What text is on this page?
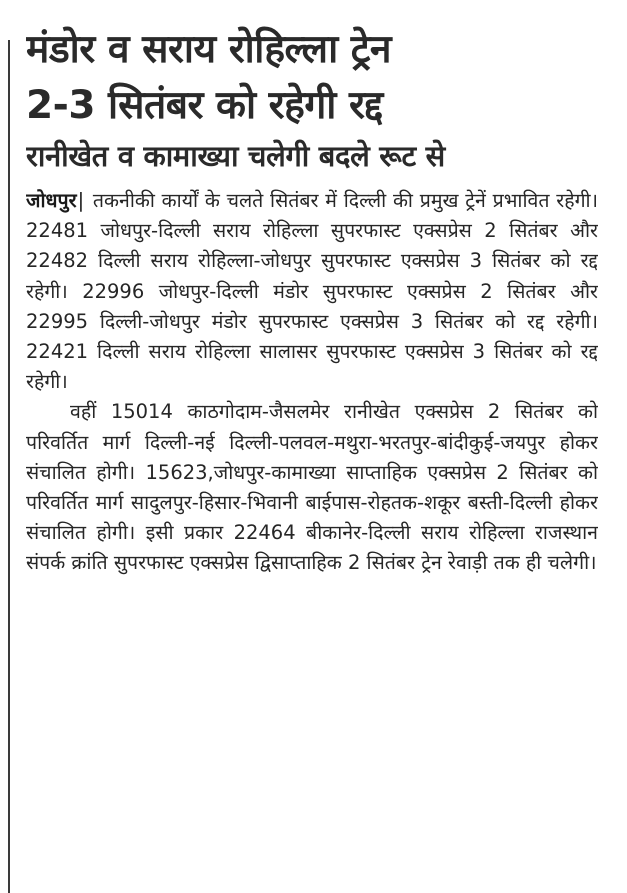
मंडोर व सराय रोहिल्ला ट्रेन
2-3 सितंबर को रहेगी रद्द
रानीखेत व कामाख्या चलेगी बदले रूट से

जोधपुर| तकनीकी कार्यों के चलते सितंबर में दिल्ली की प्रमुख ट्रेनें प्रभावित रहेगी। 22481 जोधपुर-दिल्ली सराय रोहिल्ला सुपरफास्ट एक्सप्रेस 2 सितंबर और 22482 दिल्ली सराय रोहिल्ला-जोधपुर सुपरफास्ट एक्सप्रेस 3 सितंबर को रद्द रहेगी। 22996 जोधपुर-दिल्ली मंडोर सुपरफास्ट एक्सप्रेस 2 सितंबर और 22995 दिल्ली-जोधपुर मंडोर सुपरफास्ट एक्सप्रेस 3 सितंबर को रद्द रहेगी। 22421 दिल्ली सराय रोहिल्ला सालासर सुपरफास्ट एक्सप्रेस 3 सितंबर को रद्द रहेगी।

वहीं 15014 काठगोदाम-जैसलमेर रानीखेत एक्सप्रेस 2 सितंबर को परिवर्तित मार्ग दिल्ली-नई दिल्ली-पलवल-मथुरा-भरतपुर-बांदीकुई-जयपुर होकर संचालित होगी। 15623,जोधपुर-कामाख्या साप्ताहिक एक्सप्रेस 2 सितंबर को परिवर्तित मार्ग सादुलपुर-हिसार-भिवानी बाईपास-रोहतक-शकूर बस्ती-दिल्ली होकर संचालित होगी। इसी प्रकार 22464 बीकानेर-दिल्ली सराय रोहिल्ला राजस्थान संपर्क क्रांति सुपरफास्ट एक्सप्रेस द्विसाप्ताहिक 2 सितंबर ट्रेन रेवाड़ी तक ही चलेगी।
